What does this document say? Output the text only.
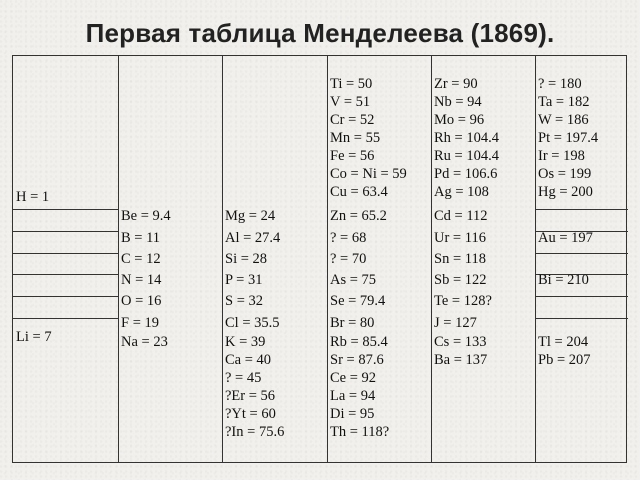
Первая таблица Менделеева (1869).
H = 1
Li = 7
Be = 9.4
B = 11
C = 12
N = 14
O = 16
F = 19
Na = 23
Mg = 24
Al = 27.4
Si = 28
P = 31
S = 32
Cl = 35.5
K = 39
Ca = 40
? = 45
?Er = 56
?Yt = 60
?In = 75.6
Ti = 50
V = 51
Cr = 52
Mn = 55
Fe = 56
Co = Ni = 59
Cu = 63.4
Zn = 65.2
? = 68
? = 70
As = 75
Se = 79.4
Br = 80
Rb = 85.4
Sr = 87.6
Ce = 92
La = 94
Di = 95
Th = 118?
Zr = 90
Nb = 94
Mo = 96
Rh = 104.4
Ru = 104.4
Pd = 106.6
Ag = 108
Cd = 112
Ur = 116
Sn = 118
Sb = 122
Te = 128?
J = 127
Cs = 133
Ba = 137
? = 180
Ta = 182
W = 186
Pt = 197.4
Ir = 198
Os = 199
Hg = 200
Au = 197
Bi = 210
Tl = 204
Pb = 207
